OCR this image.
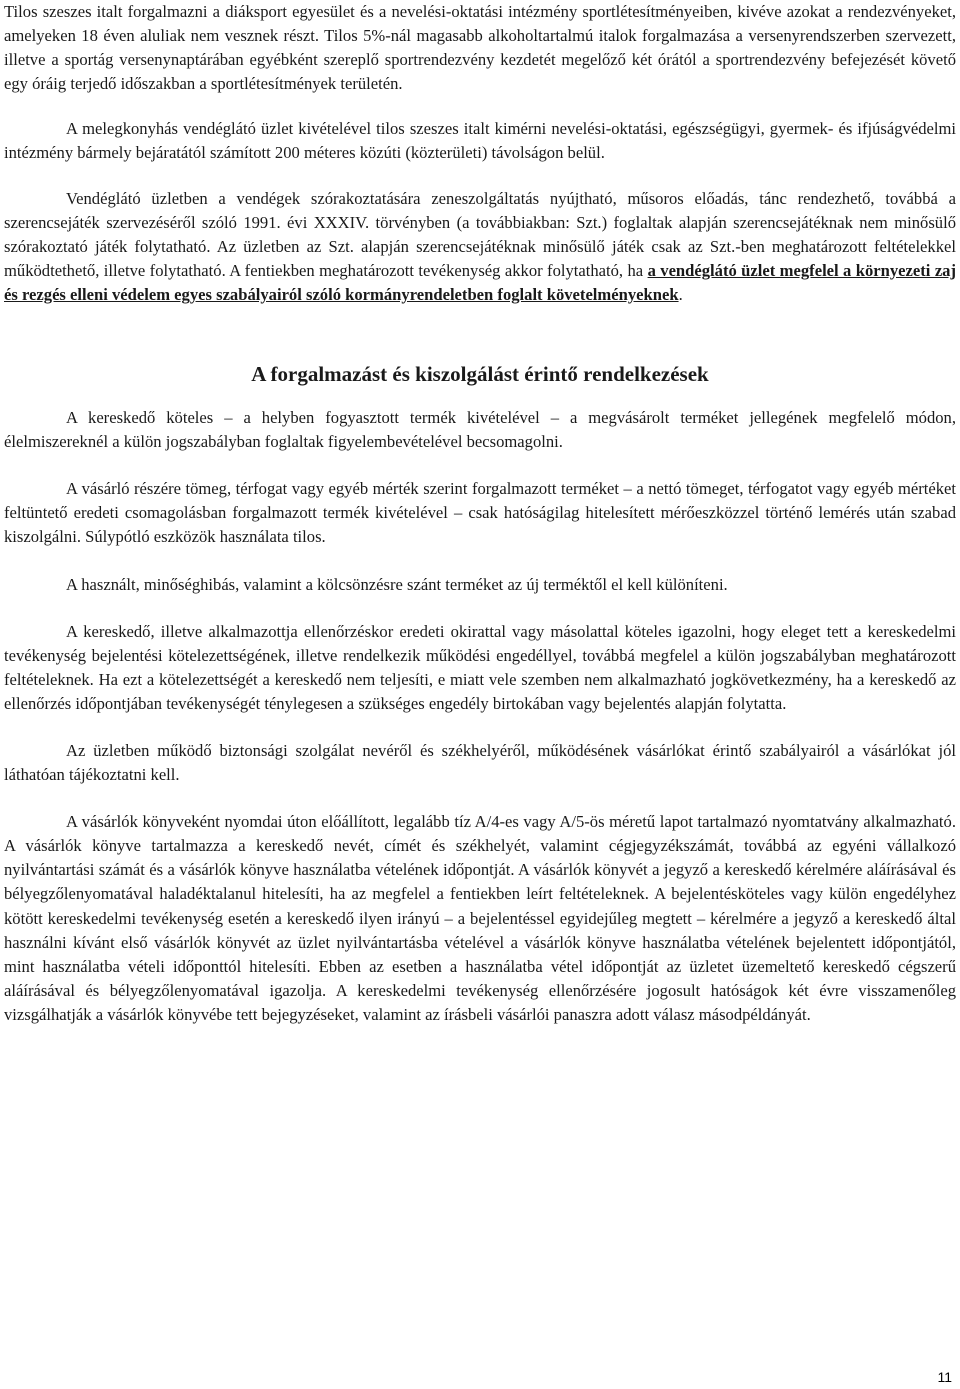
Tilos szeszes italt forgalmazni a diáksport egyesület és a nevelési-oktatási intézmény sportlétesítményeiben, kivéve azokat a rendezvényeket, amelyeken 18 éven aluliak nem vesznek részt. Tilos 5%-nál magasabb alkoholtartalmú italok forgalmazása a versenyrendszerben szervezett, illetve a sportág versenynaptárában egyébként szereplő sportrendezvény kezdetét megelőző két órától a sportrendezvény befejezését követő egy óráig terjedő időszakban a sportlétesítmények területén.

A melegkonyhás vendéglátó üzlet kivételével tilos szeszes italt kimérni nevelési-oktatási, egészségügyi, gyermek- és ifjúságvédelmi intézmény bármely bejáratától számított 200 méteres közúti (közterületi) távolságon belül.

Vendéglátó üzletben a vendégek szórakoztatására zeneszolgáltatás nyújtható, műsoros előadás, tánc rendezhető, továbbá a szerencsejáték szervezéséről szóló 1991. évi XXXIV. törvényben (a továbbiakban: Szt.) foglaltak alapján szerencsejátéknak nem minősülő szórakoztató játék folytatható. Az üzletben az Szt. alapján szerencsejátéknak minősülő játék csak az Szt.-ben meghatározott feltételekkel működtethető, illetve folytatható. A fentiekben meghatározott tevékenység akkor folytatható, ha a vendéglátó üzlet megfelel a környezeti zaj és rezgés elleni védelem egyes szabályairól szóló kormányrendeletben foglalt követelményeknek.

A forgalmazást és kiszolgálást érintő rendelkezések

A kereskedő köteles – a helyben fogyasztott termék kivételével – a megvásárolt terméket jellegének megfelelő módon, élelmiszereknél a külön jogszabályban foglaltak figyelembevételével becsomagolni.

A vásárló részére tömeg, térfogat vagy egyéb mérték szerint forgalmazott terméket – a nettó tömeget, térfogatot vagy egyéb mértéket feltüntető eredeti csomagolásban forgalmazott termék kivételével – csak hatóságilag hitelesített mérőeszközzel történő lemérés után szabad kiszolgálni. Súlypótló eszközök használata tilos.

A használt, minőséghibás, valamint a kölcsönzésre szánt terméket az új terméktől el kell különíteni.

A kereskedő, illetve alkalmazottja ellenőrzéskor eredeti okirattal vagy másolattal köteles igazolni, hogy eleget tett a kereskedelmi tevékenység bejelentési kötelezettségének, illetve rendelkezik működési engedéllyel, továbbá megfelel a külön jogszabályban meghatározott feltételeknek. Ha ezt a kötelezettségét a kereskedő nem teljesíti, e miatt vele szemben nem alkalmazható jogkövetkezmény, ha a kereskedő az ellenőrzés időpontjában tevékenységét ténylegesen a szükséges engedély birtokában vagy bejelentés alapján folytatta.

Az üzletben működő biztonsági szolgálat nevéről és székhelyéről, működésének vásárlókat érintő szabályairól a vásárlókat jól láthatóan tájékoztatni kell.

A vásárlók könyveként nyomdai úton előállított, legalább tíz A/4-es vagy A/5-ös méretű lapot tartalmazó nyomtatvány alkalmazható. A vásárlók könyve tartalmazza a kereskedő nevét, címét és székhelyét, valamint cégjegyzékszámát, továbbá az egyéni vállalkozó nyilvántartási számát és a vásárlók könyve használatba vételének időpontját. A vásárlók könyvét a jegyző a kereskedő kérelmére aláírásával és bélyegzőlenyomatával haladéktalanul hitelesíti, ha az megfelel a fentiekben leírt feltételeknek. A bejelentésköteles vagy külön engedélyhez kötött kereskedelmi tevékenység esetén a kereskedő ilyen irányú – a bejelentéssel egyidejűleg megtett – kérelmére a jegyző a kereskedő által használni kívánt első vásárlók könyvét az üzlet nyilvántartásba vételével a vásárlók könyve használatba vételének bejelentett időpontjától, mint használatba vételi időponttól hitelesíti. Ebben az esetben a használatba vétel időpontját az üzletet üzemeltető kereskedő cégszerű aláírásával és bélyegzőlenyomatával igazolja. A kereskedelmi tevékenység ellenőrzésére jogosult hatóságok két évre visszamenőleg vizsgálhatják a vásárlók könyvébe tett bejegyzéseket, valamint az írásbeli vásárlói panaszra adott válasz másodpéldányát.

11
